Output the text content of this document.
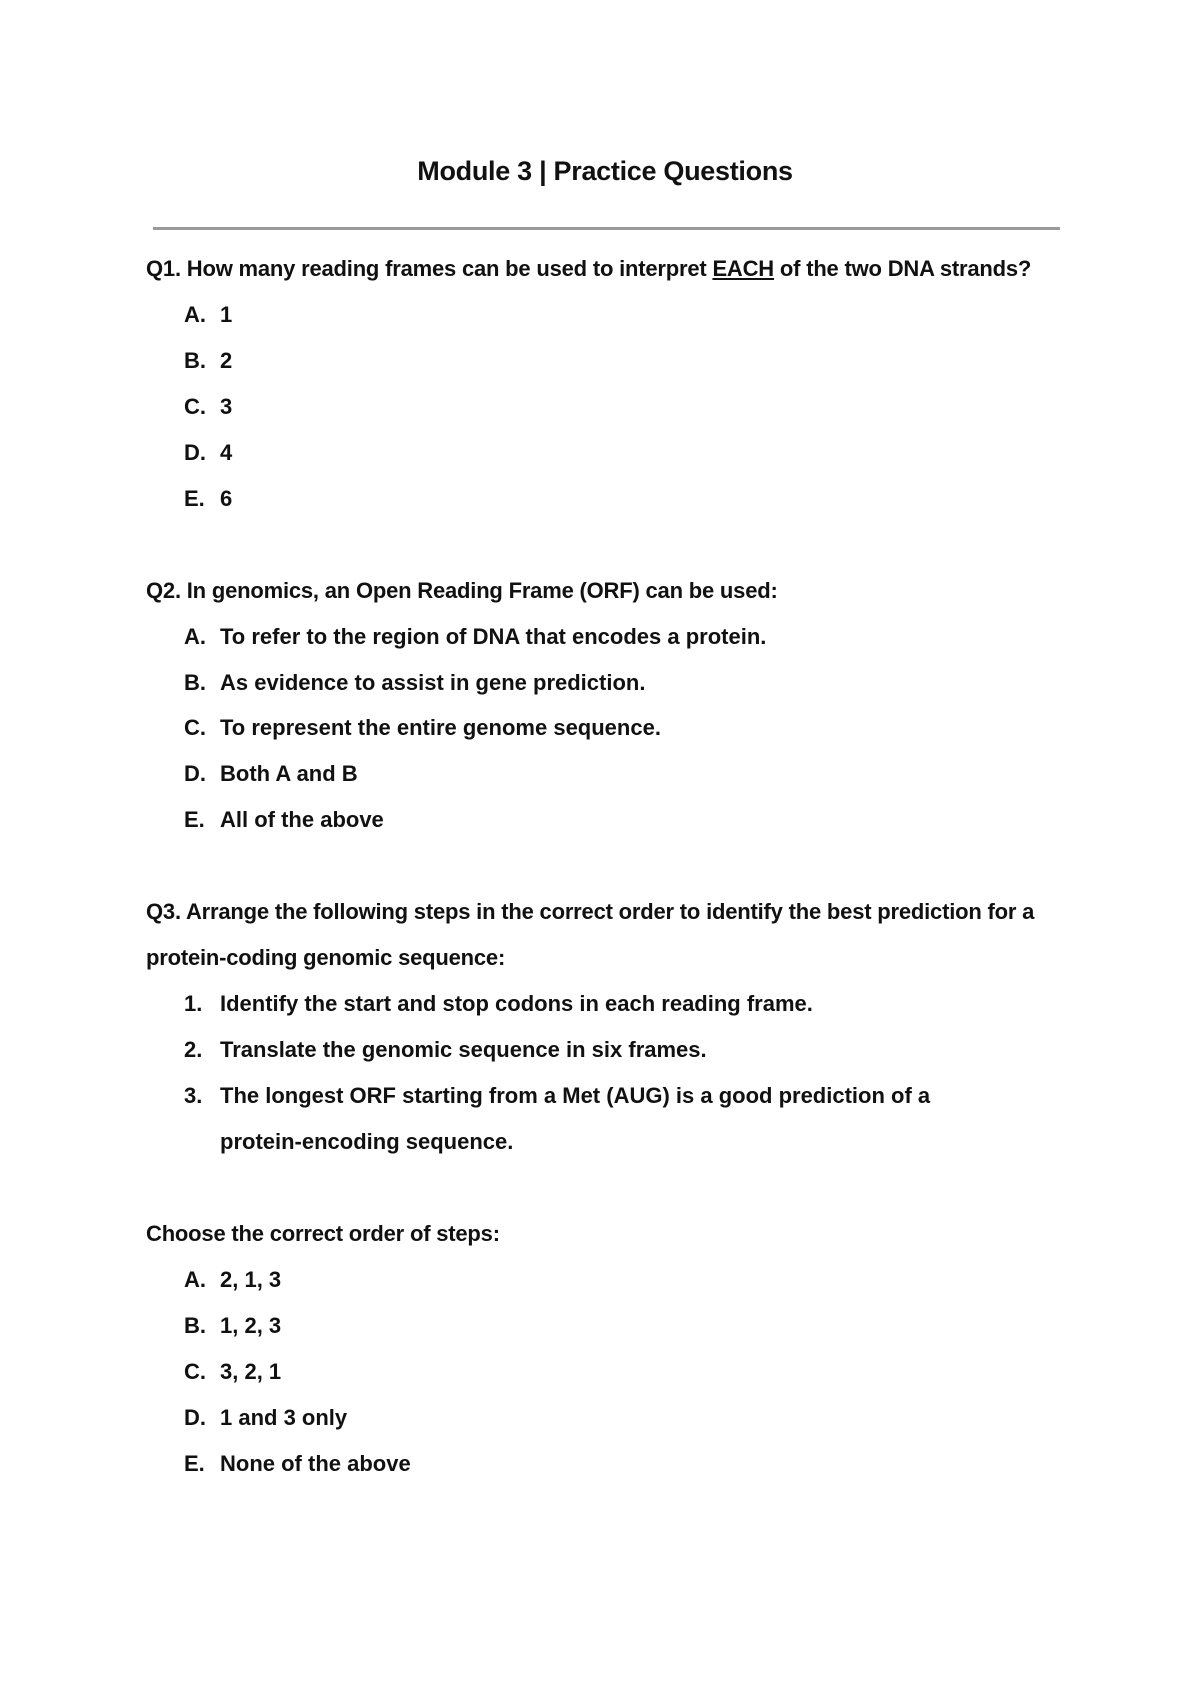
Module 3 | Practice Questions
Q1. How many reading frames can be used to interpret EACH of the two DNA strands?
A. 1
B. 2
C. 3
D. 4
E. 6
Q2. In genomics, an Open Reading Frame (ORF) can be used:
A. To refer to the region of DNA that encodes a protein.
B. As evidence to assist in gene prediction.
C. To represent the entire genome sequence.
D. Both A and B
E. All of the above
Q3. Arrange the following steps in the correct order to identify the best prediction for a
protein-coding genomic sequence:
1. Identify the start and stop codons in each reading frame.
2. Translate the genomic sequence in six frames.
3. The longest ORF starting from a Met (AUG) is a good prediction of a
protein-encoding sequence.
Choose the correct order of steps:
A. 2, 1, 3
B. 1, 2, 3
C. 3, 2, 1
D. 1 and 3 only
E. None of the above
